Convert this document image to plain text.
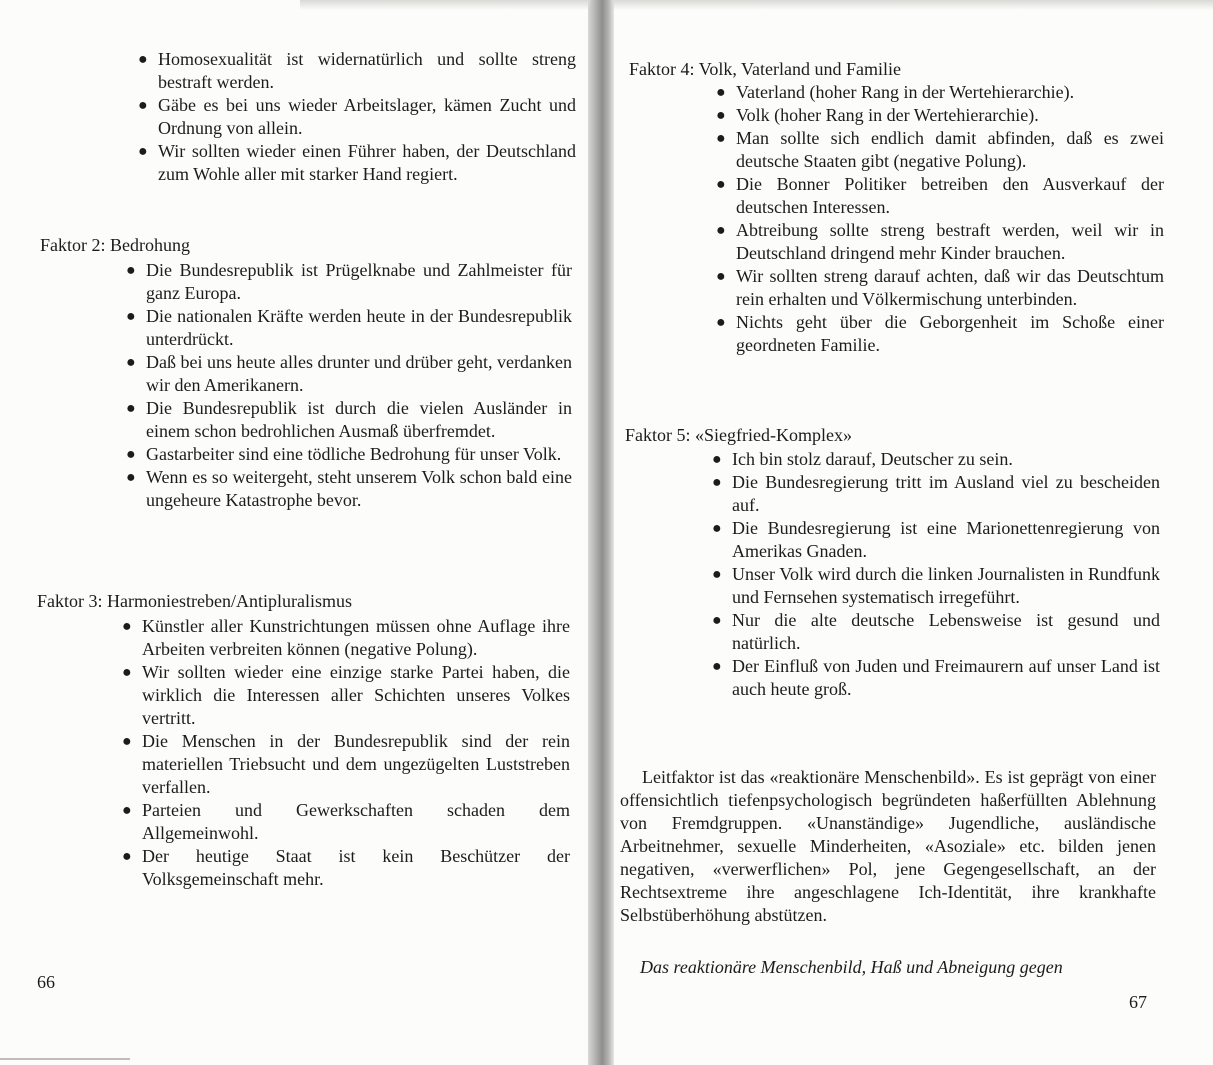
● Homosexualität ist widernatürlich und sollte streng bestraft werden.
● Gäbe es bei uns wieder Arbeitslager, kämen Zucht und Ordnung von allein.
● Wir sollten wieder einen Führer haben, der Deutschland zum Wohle aller mit starker Hand regiert.
Faktor 2: Bedrohung
● Die Bundesrepublik ist Prügelknabe und Zahlmeister für ganz Europa.
● Die nationalen Kräfte werden heute in der Bundesrepublik unterdrückt.
● Daß bei uns heute alles drunter und drüber geht, verdanken wir den Amerikanern.
● Die Bundesrepublik ist durch die vielen Ausländer in einem schon bedrohlichen Ausmaß überfremdet.
● Gastarbeiter sind eine tödliche Bedrohung für unser Volk.
● Wenn es so weitergeht, steht unserem Volk schon bald eine ungeheure Katastrophe bevor.
Faktor 3: Harmoniestreben/Antipluralismus
● Künstler aller Kunstrichtungen müssen ohne Auflage ihre Arbeiten verbreiten können (negative Polung).
● Wir sollten wieder eine einzige starke Partei haben, die wirklich die Interessen aller Schichten unseres Volkes vertritt.
● Die Menschen in der Bundesrepublik sind der rein materiellen Triebsucht und dem ungezügelten Luststreben verfallen.
● Parteien und Gewerkschaften schaden dem Allgemeinwohl.
● Der heutige Staat ist kein Beschützer der Volksgemeinschaft mehr.
66
Faktor 4: Volk, Vaterland und Familie
● Vaterland (hoher Rang in der Wertehierarchie).
● Volk (hoher Rang in der Wertehierarchie).
● Man sollte sich endlich damit abfinden, daß es zwei deutsche Staaten gibt (negative Polung).
● Die Bonner Politiker betreiben den Ausverkauf der deutschen Interessen.
● Abtreibung sollte streng bestraft werden, weil wir in Deutschland dringend mehr Kinder brauchen.
● Wir sollten streng darauf achten, daß wir das Deutschtum rein erhalten und Völkermischung unterbinden.
● Nichts geht über die Geborgenheit im Schoße einer geordneten Familie.
Faktor 5: «Siegfried-Komplex»
● Ich bin stolz darauf, Deutscher zu sein.
● Die Bundesregierung tritt im Ausland viel zu bescheiden auf.
● Die Bundesregierung ist eine Marionettenregierung von Amerikas Gnaden.
● Unser Volk wird durch die linken Journalisten in Rundfunk und Fernsehen systematisch irregeführt.
● Nur die alte deutsche Lebensweise ist gesund und natürlich.
● Der Einfluß von Juden und Freimaurern auf unser Land ist auch heute groß.
Leitfaktor ist das «reaktionäre Menschenbild». Es ist geprägt von einer offensichtlich tiefenpsychologisch begründeten haßerfüllten Ablehnung von Fremdgruppen. «Unanständige» Jugendliche, ausländische Arbeitnehmer, sexuelle Minderheiten, «Asoziale» etc. bilden jenen negativen, «verwerflichen» Pol, jene Gegengesellschaft, an der Rechtsextreme ihre angeschlagene Ich-Identität, ihre krankhafte Selbstüberhöhung abstützen.
Das reaktionäre Menschenbild, Haß und Abneigung gegen
67
